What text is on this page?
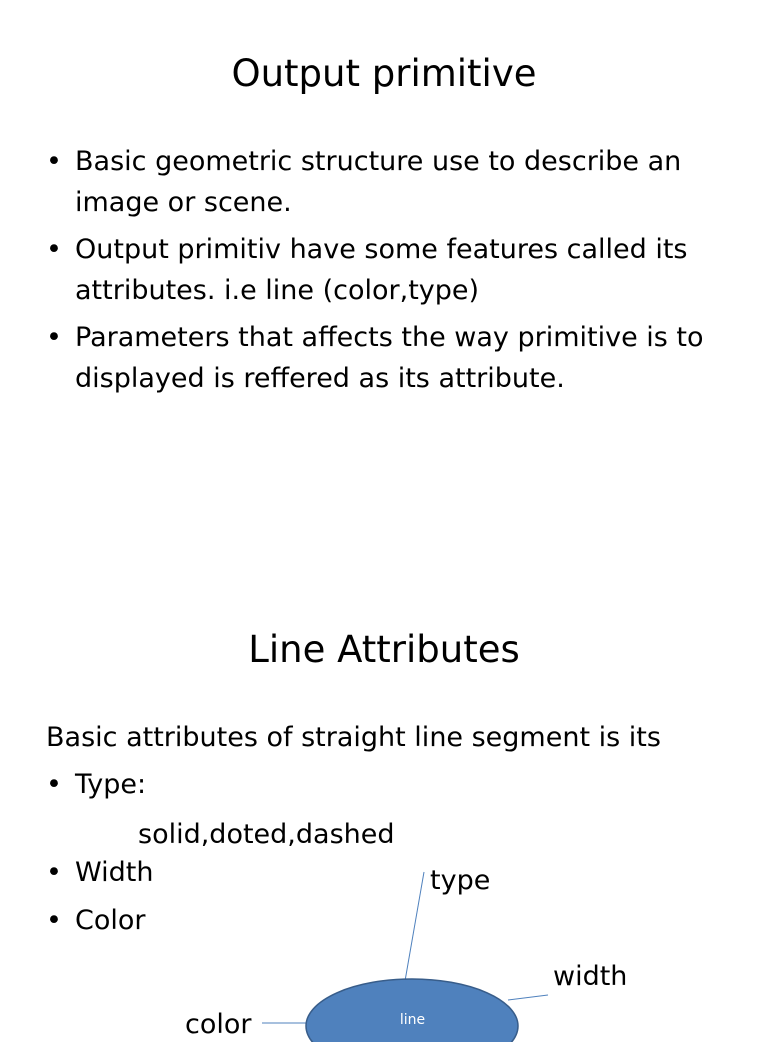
Output primitive
• Basic geometric structure use to describe an image or scene.
• Output primitiv have some features called its attributes. i.e line (color,type)
• Parameters that affects the way primitive is to displayed is reffered as its attribute.
Line Attributes

Basic attributes of straight line segment is its

• Type:
• Width
• Color

solid,doted,dashed

type

width

color	line
